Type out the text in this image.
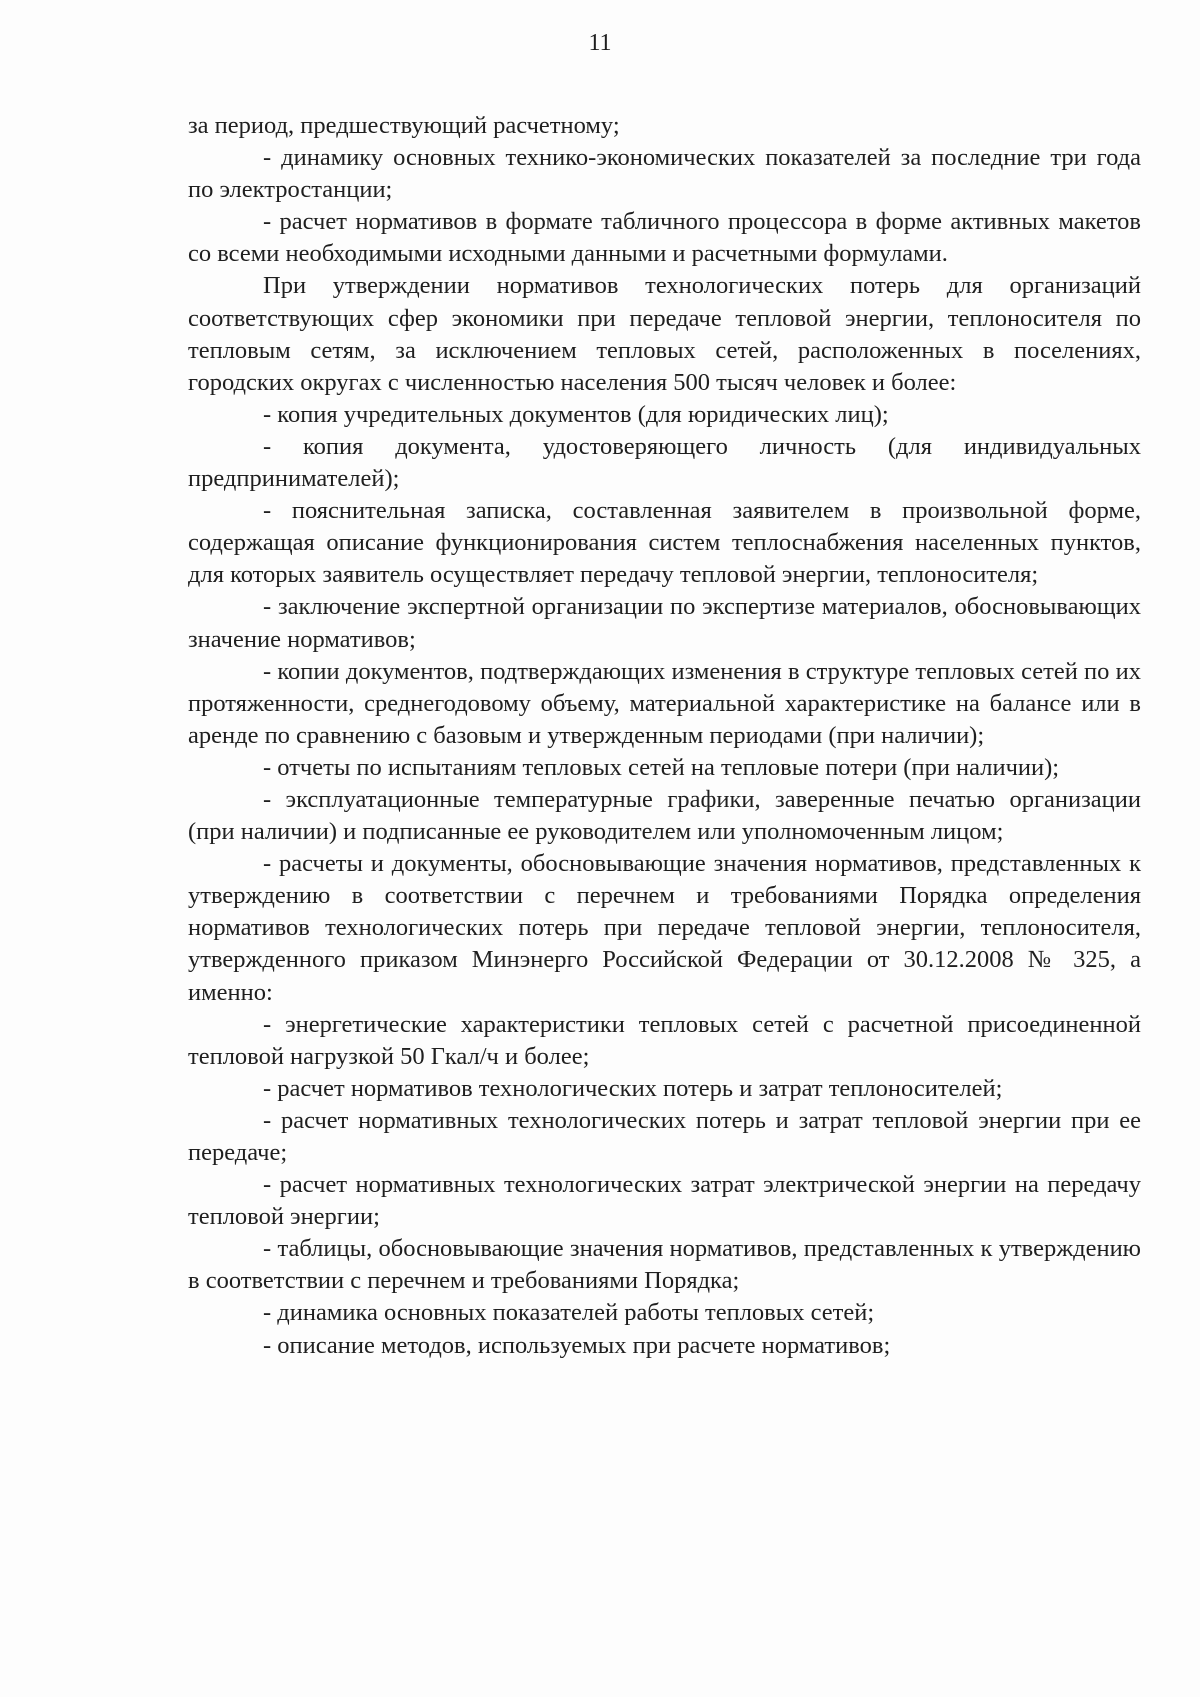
11

за период, предшествующий расчетному;

- динамику основных технико-экономических показателей за последние три года по электростанции;

- расчет нормативов в формате табличного процессора в форме активных макетов со всеми необходимыми исходными данными и расчетными формулами.

При утверждении нормативов технологических потерь для организаций соответствующих сфер экономики при передаче тепловой энергии, теплоносителя по тепловым сетям, за исключением тепловых сетей, расположенных в поселениях, городских округах с численностью населения 500 тысяч человек и более:

- копия учредительных документов (для юридических лиц);

- копия документа, удостоверяющего личность (для индивидуальных предпринимателей);

- пояснительная записка, составленная заявителем в произвольной форме, содержащая описание функционирования систем теплоснабжения населенных пунктов, для которых заявитель осуществляет передачу тепловой энергии, теплоносителя;

- заключение экспертной организации по экспертизе материалов, обосновывающих значение нормативов;

- копии документов, подтверждающих изменения в структуре тепловых сетей по их протяженности, среднегодовому объему, материальной характеристике на балансе или в аренде по сравнению с базовым и утвержденным периодами (при наличии);

- отчеты по испытаниям тепловых сетей на тепловые потери (при наличии);

- эксплуатационные температурные графики, заверенные печатью организации (при наличии) и подписанные ее руководителем или уполномоченным лицом;

- расчеты и документы, обосновывающие значения нормативов, представленных к утверждению в соответствии с перечнем и требованиями Порядка определения нормативов технологических потерь при передаче тепловой энергии, теплоносителя, утвержденного приказом Минэнерго Российской Федерации от 30.12.2008 № 325, а именно:

- энергетические характеристики тепловых сетей с расчетной присоединенной тепловой нагрузкой 50 Гкал/ч и более;

- расчет нормативов технологических потерь и затрат теплоносителей;

- расчет нормативных технологических потерь и затрат тепловой энергии при ее передаче;

- расчет нормативных технологических затрат электрической энергии на передачу тепловой энергии;

- таблицы, обосновывающие значения нормативов, представленных к утверждению в соответствии с перечнем и требованиями Порядка;

- динамика основных показателей работы тепловых сетей;

- описание методов, используемых при расчете нормативов;
